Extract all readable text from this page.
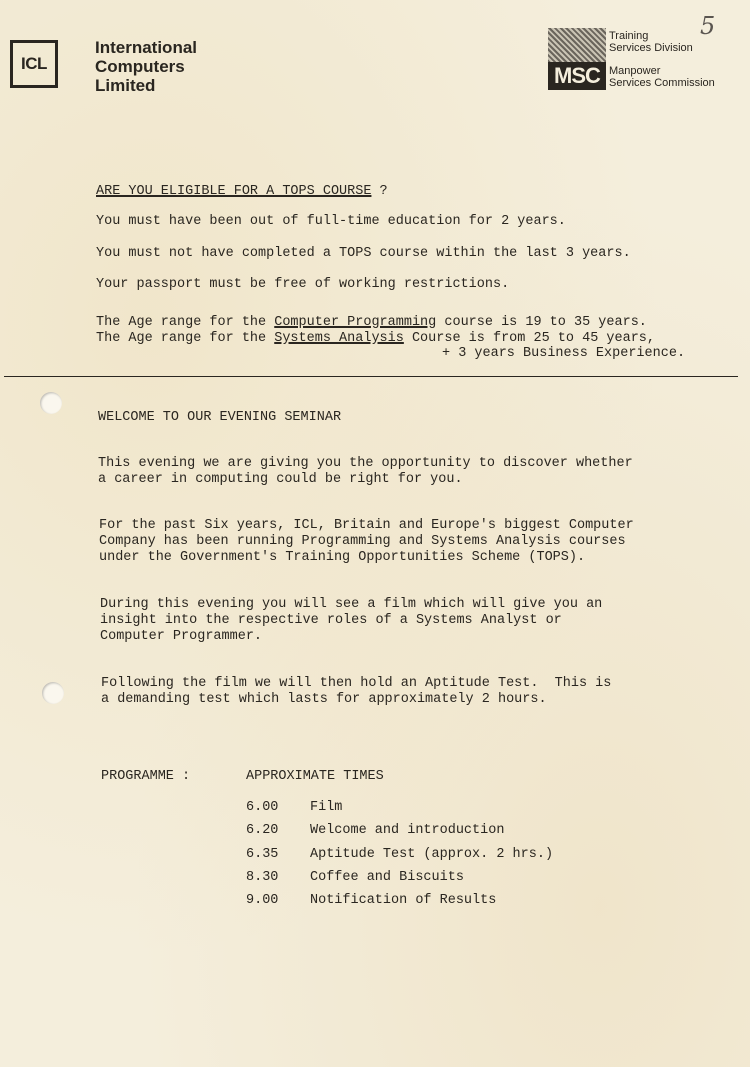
ICL
International
Computers
Limited	MSC
Training
Services Division
Manpower
Services Commission
5
ARE YOU ELIGIBLE FOR A TOPS COURSE ?
You must have been out of full-time education for 2 years.
You must not have completed a TOPS course within the last 3 years.
Your passport must be free of working restrictions.
The Age range for the Computer Programming course is 19 to 35 years.
The Age range for the Systems Analysis Course is from 25 to 45 years,
+ 3 years Business Experience.
WELCOME TO OUR EVENING SEMINAR
This evening we are giving you the opportunity to discover whether
a career in computing could be right for you.
For the past Six years, ICL, Britain and Europe's biggest Computer
Company has been running Programming and Systems Analysis courses
under the Government's Training Opportunities Scheme (TOPS).
During this evening you will see a film which will give you an
insight into the respective roles of a Systems Analyst or
Computer Programmer.
Following the film we will then hold an Aptitude Test.  This is
a demanding test which lasts for approximately 2 hours.
PROGRAMME :	APPROXIMATE TIMES
6.00 Film
6.20 Welcome and introduction
6.35 Aptitude Test (approx. 2 hrs.)
8.30 Coffee and Biscuits
9.00 Notification of Results
